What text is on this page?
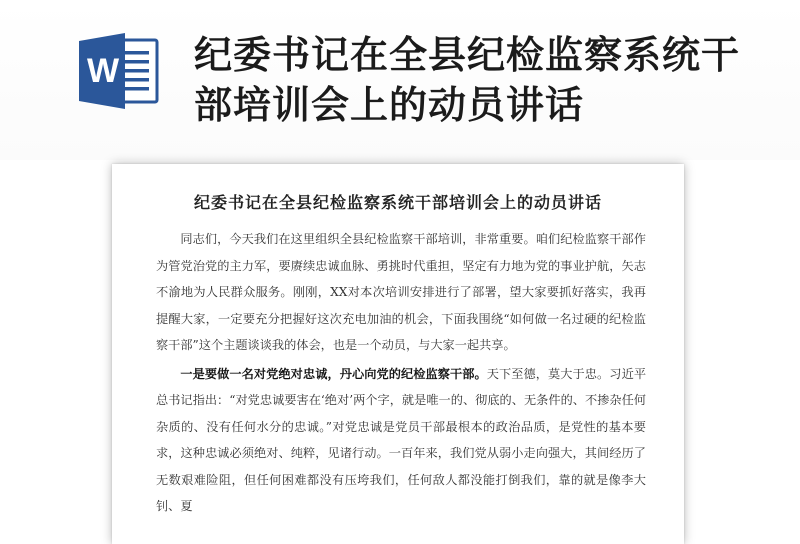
W 纪委书记在全县纪检监察系统干部培训会上的动员讲话
纪委书记在全县纪检监察系统干部培训会上的动员讲话

同志们，今天我们在这里组织全县纪检监察干部培训，非常重要。咱们纪检监察干部作为管党治党的主力军，要赓续忠诚血脉、勇挑时代重担，坚定有力地为党的事业护航，矢志不渝地为人民群众服务。刚刚，XX对本次培训安排进行了部署，望大家要抓好落实，我再提醒大家，一定要充分把握好这次充电加油的机会，下面我围绕“如何做一名过硬的纪检监察干部”这个主题谈谈我的体会，也是一个动员，与大家一起共享。

一是要做一名对党绝对忠诚，丹心向党的纪检监察干部。天下至德，莫大于忠。习近平总书记指出：“对党忠诚要害在‘绝对’两个字，就是唯一的、彻底的、无条件的、不掺杂任何杂质的、没有任何水分的忠诚。”对党忠诚是党员干部最根本的政治品质，是党性的基本要求，这种忠诚必须绝对、纯粹，见诸行动。一百年来，我们党从弱小走向强大，其间经历了无数艰难险阻，但任何困难都没有压垮我们，任何敌人都没能打倒我们，靠的就是像李大钊、夏
